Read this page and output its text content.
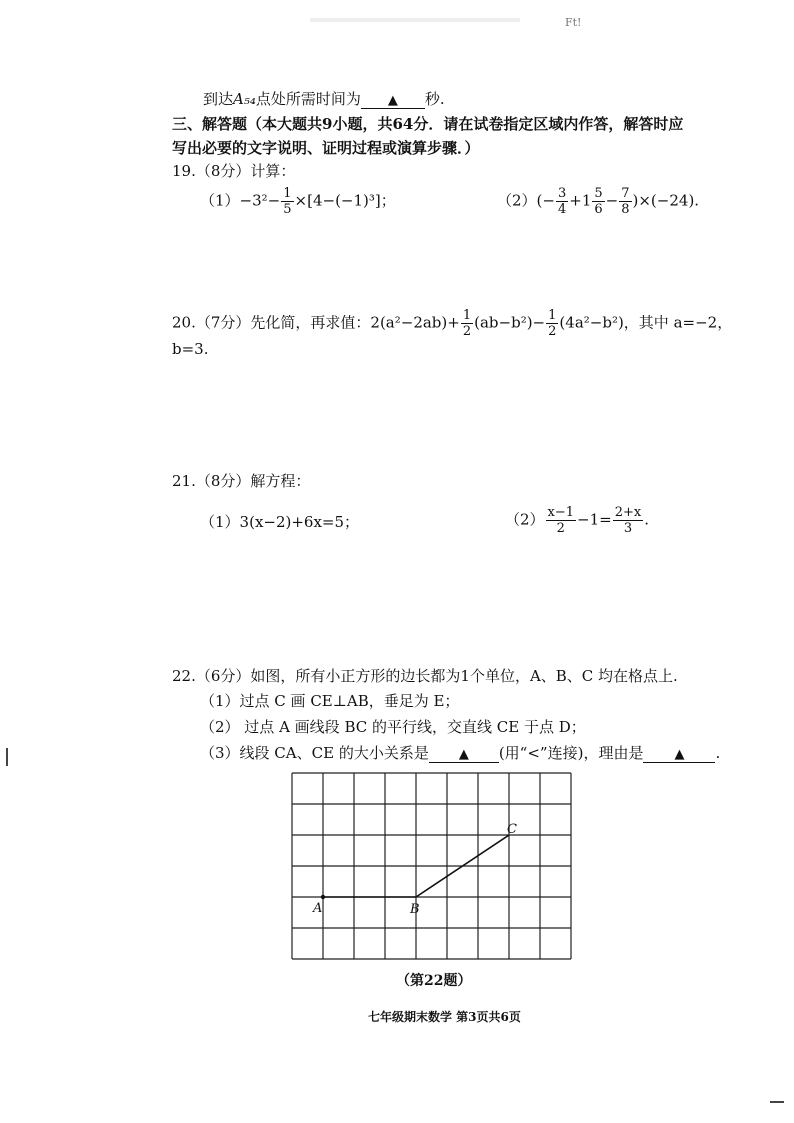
Ft!
到达A₅₄点处所需时间为 ▲ 秒.
三、解答题（本大题共9小题，共64分．请在试卷指定区域内作答，解答时应
写出必要的文字说明、证明过程或演算步骤．）
19.（8分）计算：
$(1)-3^2- \frac{1}{5} \times[4-(-1)^3]$；	$(2)(- \frac{3}{4} +1 \frac{5}{6} - \frac{7}{8} )\times(-24)$.
20.（7分）先化简，再求值：$2(a^2-2ab)+ \frac{1}{2} (ab-b^2)- \frac{1}{2} (4a^2-b^2)$，其中 a=−2，
b=3.
21.（8分）解方程：
（1）3(x−2)+6x=5；	$(2) \frac{x-1}{2} -1= \frac{2+x}{3}$ .
22.（6分）如图，所有小正方形的边长都为1个单位，A、B、C 均在格点上.
（1）过点 C 画 CE⊥AB，垂足为 E；
（2） 过点 A 画线段 BC 的平行线，交直线 CE 于点 D；
（3）线段 CA、CE 的大小关系是 ▲ (用“<”连接)，理由是 ▲ .
A	B
C
（第22题）
七年级期末数学 第3页共6页
